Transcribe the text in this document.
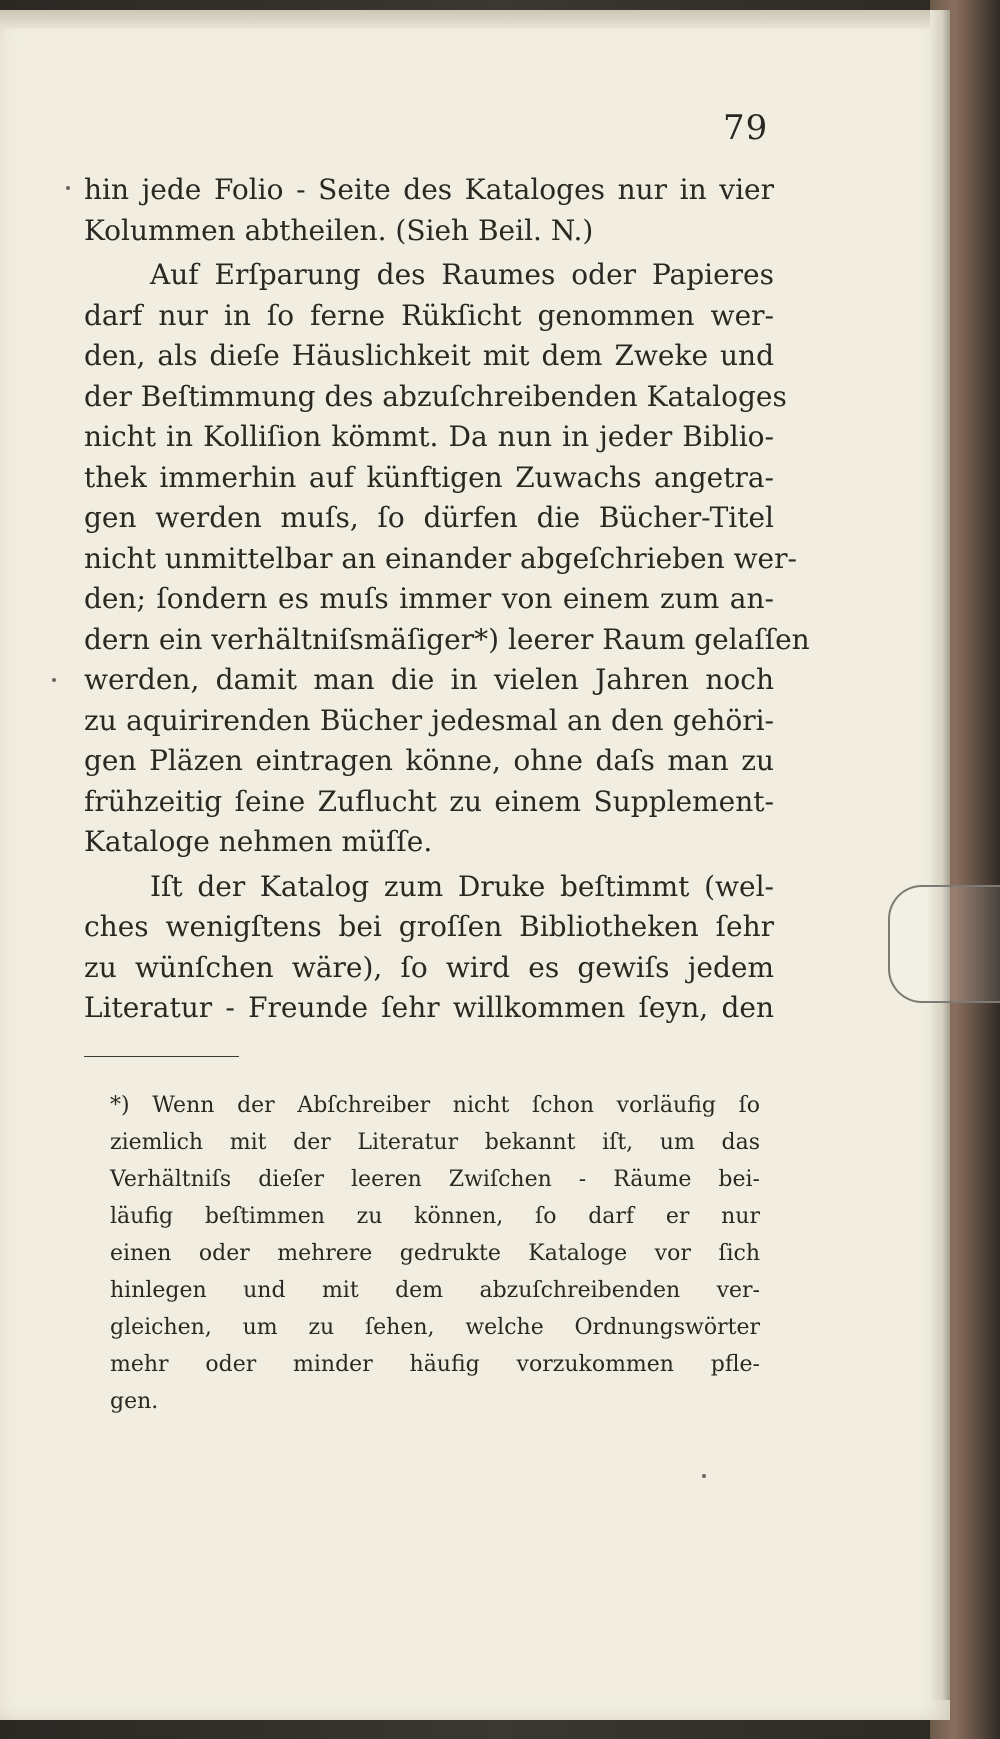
79
hin jede Folio - Seite des Kataloges nur in vier
Kolummen abtheilen. (Sieh Beil. N.)
Auf Erſparung des Raumes oder Papieres
darf nur in ſo ferne Rükſicht genommen wer-
den, als dieſe Häuslichkeit mit dem Zweke und
der Beſtimmung des abzuſchreibenden Kataloges
nicht in Kolliſion kömmt. Da nun in jeder Biblio-
thek immerhin auf künftigen Zuwachs angetra-
gen werden muſs, ſo dürfen die Bücher-Titel
nicht unmittelbar an einander abgeſchrieben wer-
den; ſondern es muſs immer von einem zum an-
dern ein verhältniſsmäſiger*) leerer Raum gelaſſen
werden, damit man die in vielen Jahren noch
zu aquirirenden Bücher jedesmal an den gehöri-
gen Pläzen eintragen könne, ohne daſs man zu
frühzeitig ſeine Zuflucht zu einem Supplement-
Kataloge nehmen müſſe.
Iſt der Katalog zum Druke beſtimmt (wel-
ches wenigſtens bei groſſen Bibliotheken ſehr
zu wünſchen wäre), ſo wird es gewiſs jedem
Literatur - Freunde ſehr willkommen ſeyn, den
*) Wenn der Abſchreiber nicht ſchon vorläufig ſo
ziemlich mit der Literatur bekannt iſt, um das
Verhältniſs dieſer leeren Zwiſchen - Räume bei-
läufig beſtimmen zu können, ſo darf er nur
einen oder mehrere gedrukte Kataloge vor ſich
hinlegen und mit dem abzuſchreibenden ver-
gleichen, um zu ſehen, welche Ordnungswörter
mehr oder minder häufig vorzukommen pfle-
gen.
